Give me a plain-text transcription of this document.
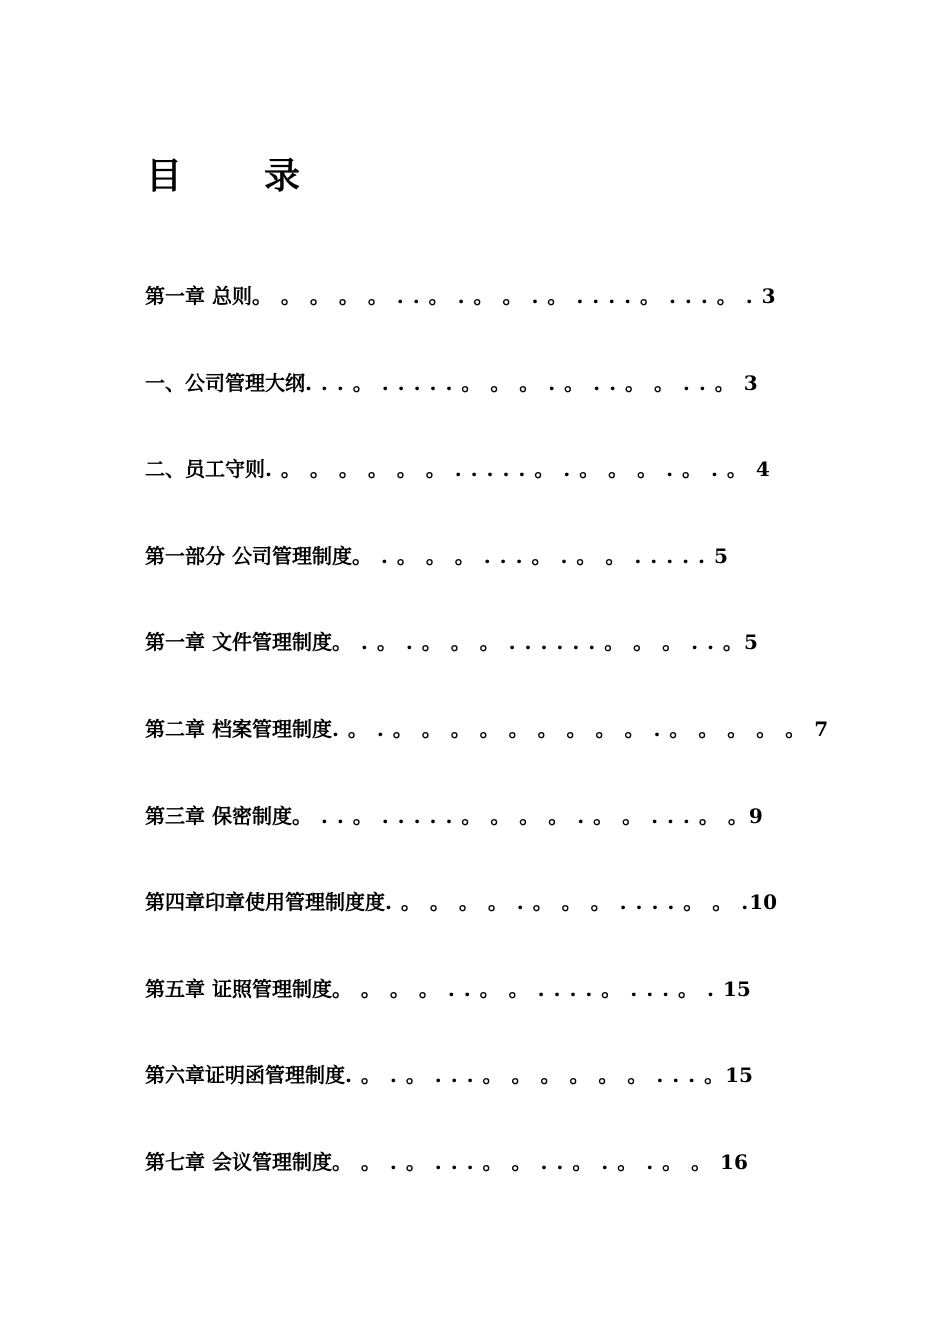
目 录
第一章 总则。 。 。 。 。 . . 。 . 。 。 . 。 . . . . 。 . . . 。 . 3
一、公司管理大纲. . . 。 . . . . . 。 。 。 . 。 . . 。 。 . . 。 3
二、员工守则. 。 。 。 。 。 。 . . . . . 。 . 。 。 。 . 。 . 。 4
第一部分 公司管理制度。 . 。 。 。 . . . 。 . 。 。 . . . . . 5
第一章 文件管理制度。 . 。 . 。 。 。 . . . . . . 。 。 。 . . 。5
第二章 档案管理制度. 。 . 。 。 。 。 。 。 。 。 。 . 。 。 。 。 。 7
第三章 保密制度。 . . 。 . . . . . 。 。 。 。 . 。 。 . . . 。 。9
第四章印章使用管理制度度. 。 。 。 。 . 。 。 。 . . . . 。 。 .10
第五章 证照管理制度。 。 。 。 . . 。 。 . . . . 。 . . . 。 . 15
第六章证明函管理制度. 。 . 。 . . . 。 。 。 。 。 。 . . . 。15
第七章 会议管理制度。 。 . 。 . . . 。 。 . . 。 . 。 . 。 。 16
